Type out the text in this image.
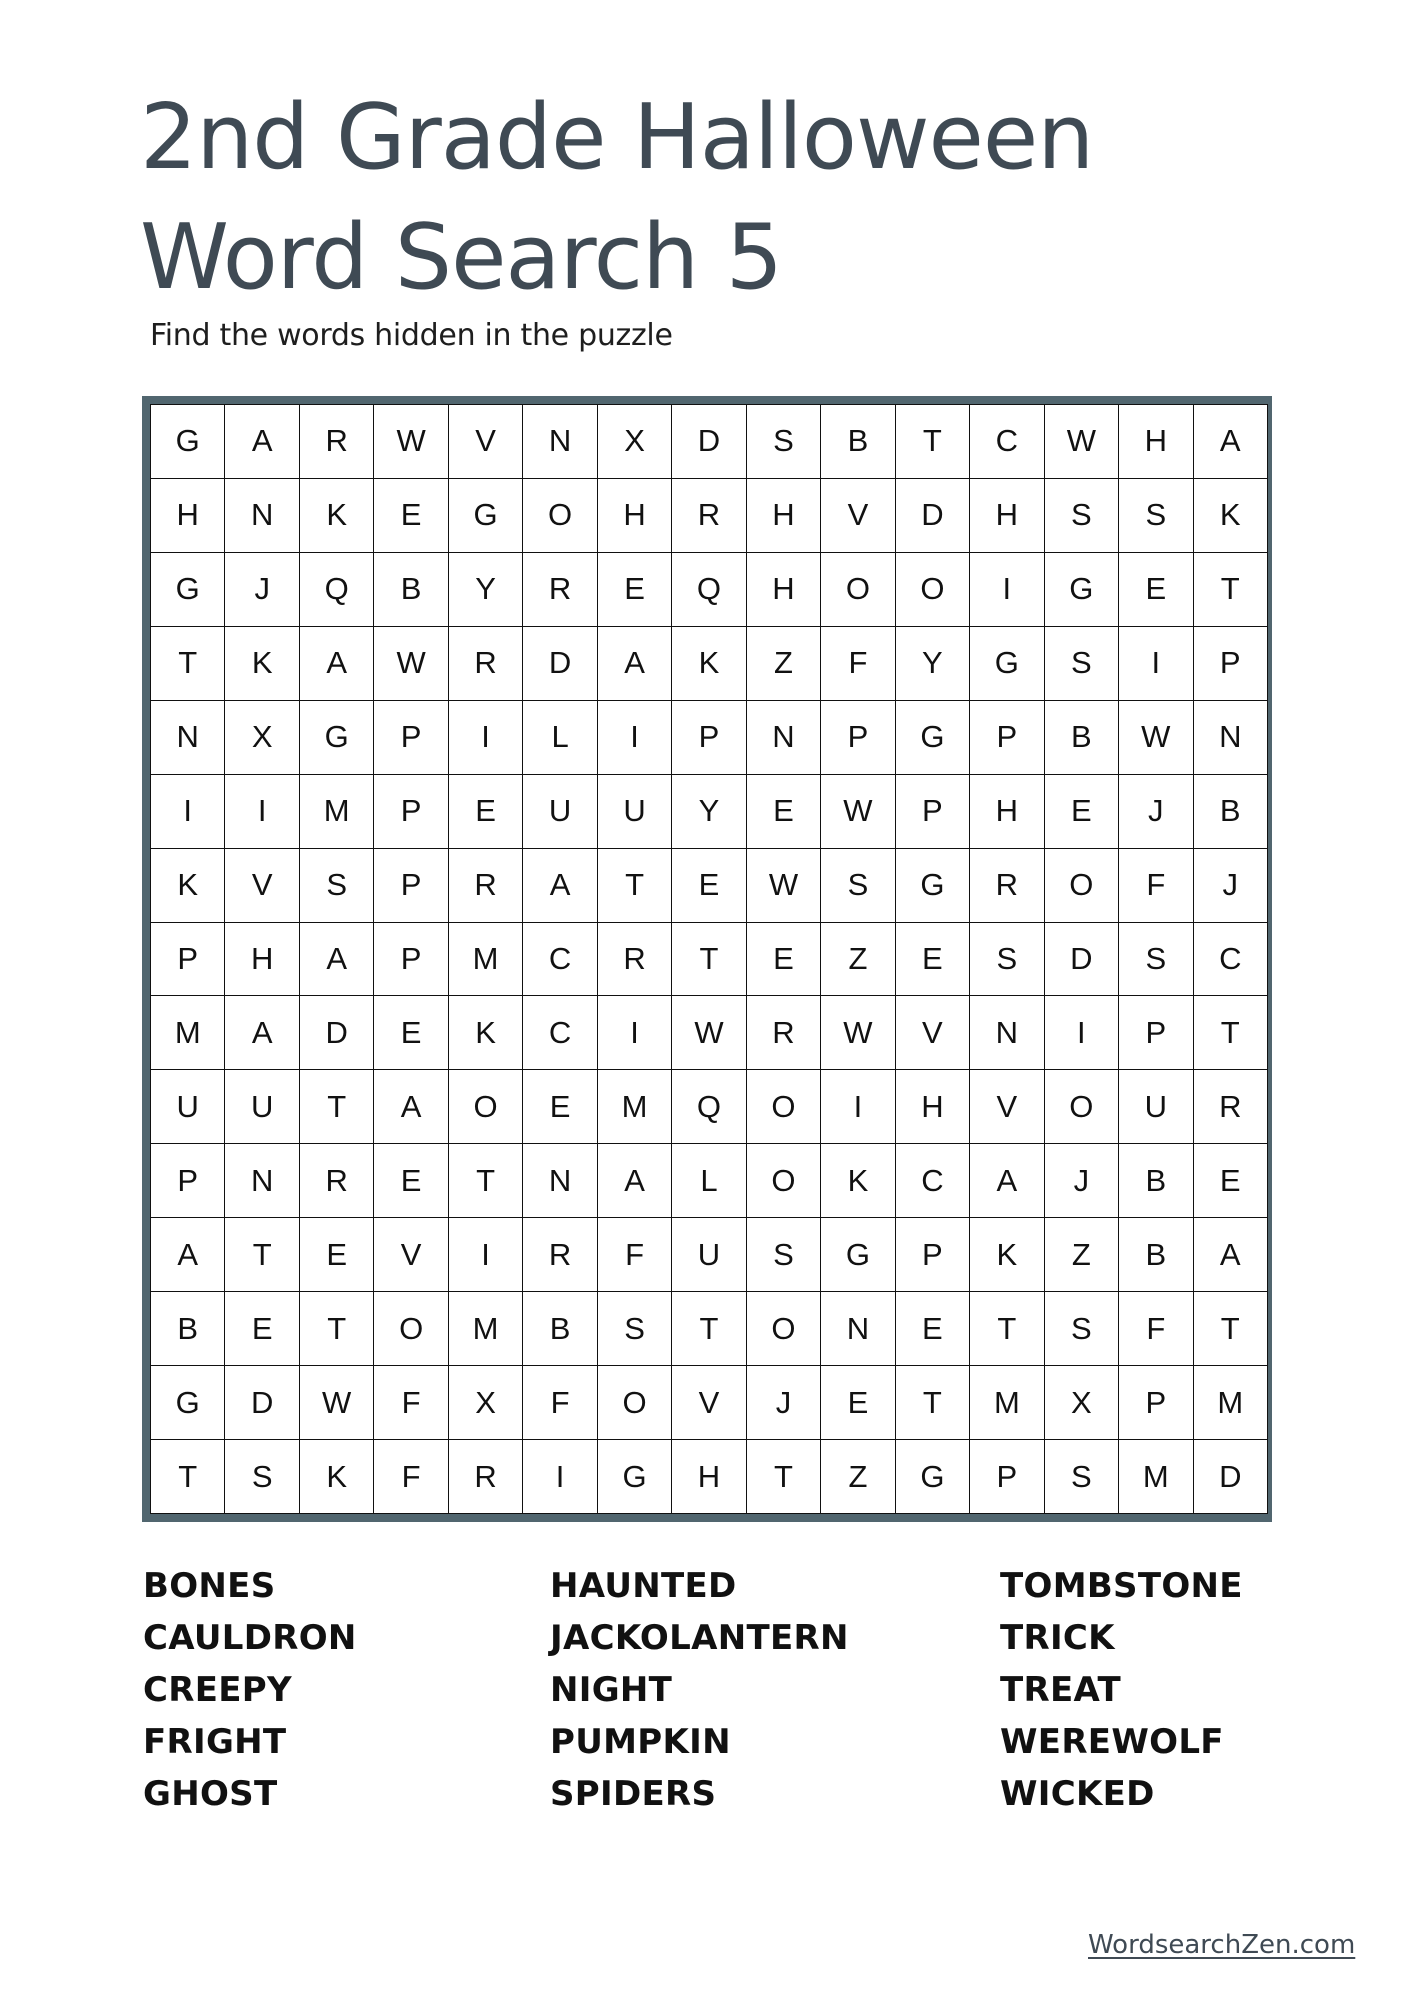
2nd Grade Halloween
Word Search 5

Find the words hidden in the puzzle

G	A	R	W	V	N	X	D	S	B	T	C	W	H	A
H	N	K	E	G	O	H	R	H	V	D	H	S	S	K
G	J	Q	B	Y	R	E	Q	H	O	O	I	G	E	T
T	K	A	W	R	D	A	K	Z	F	Y	G	S	I	P
N	X	G	P	I	L	I	P	N	P	G	P	B	W	N
I	I	M	P	E	U	U	Y	E	W	P	H	E	J	B
K	V	S	P	R	A	T	E	W	S	G	R	O	F	J
P	H	A	P	M	C	R	T	E	Z	E	S	D	S	C
M	A	D	E	K	C	I	W	R	W	V	N	I	P	T
U	U	T	A	O	E	M	Q	O	I	H	V	O	U	R
P	N	R	E	T	N	A	L	O	K	C	A	J	B	E
A	T	E	V	I	R	F	U	S	G	P	K	Z	B	A
B	E	T	O	M	B	S	T	O	N	E	T	S	F	T
G	D	W	F	X	F	O	V	J	E	T	M	X	P	M
T	S	K	F	R	I	G	H	T	Z	G	P	S	M	D
BONES
CAULDRON
CREEPY
FRIGHT
GHOST
HAUNTED
JACKOLANTERN
NIGHT
PUMPKIN
SPIDERS
TOMBSTONE
TRICK
TREAT
WEREWOLF
WICKED
WordsearchZen.com
